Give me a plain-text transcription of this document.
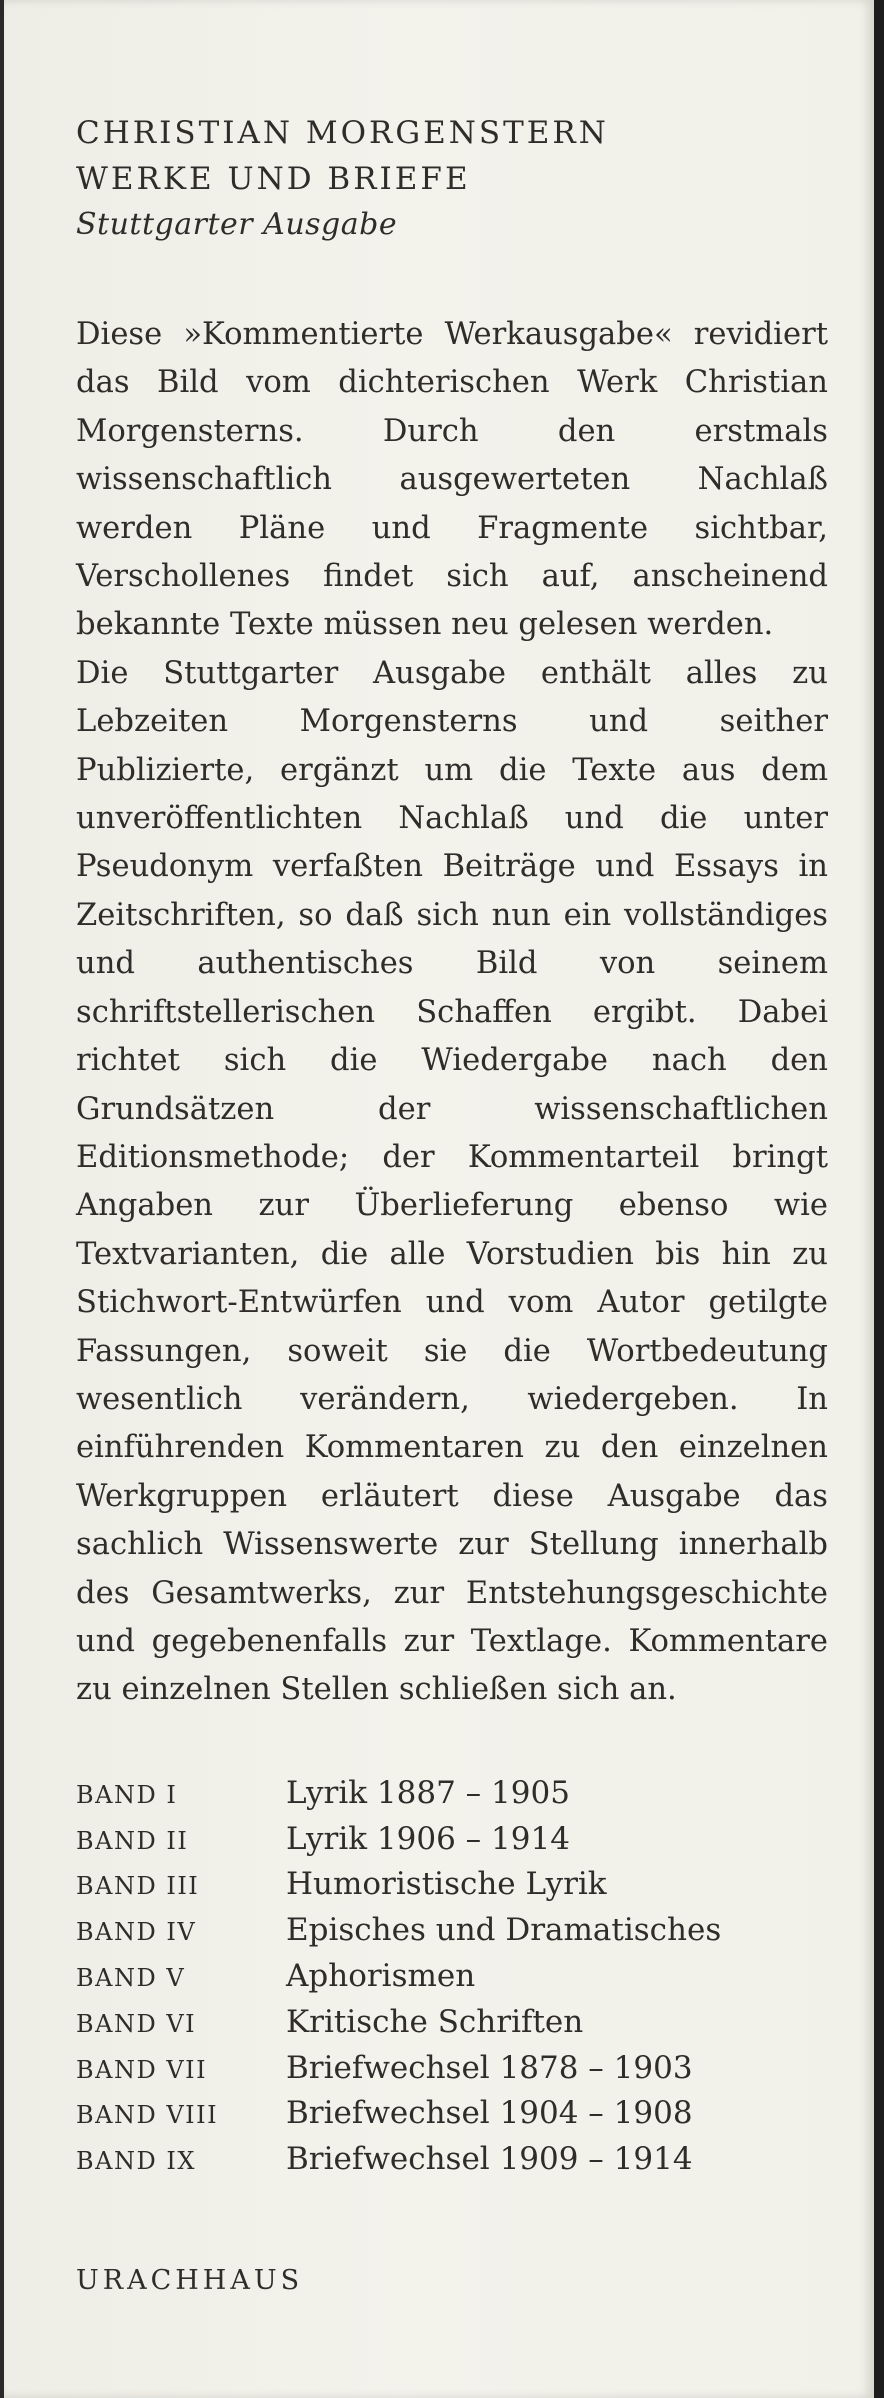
CHRISTIAN MORGENSTERN

WERKE UND BRIEFE

Stuttgarter Ausgabe

Diese »Kommentierte Werkausgabe« revidiert das Bild vom dichterischen Werk Christian Morgensterns. Durch den erstmals wissenschaftlich ausgewerteten Nachlaß werden Pläne und Fragmente sichtbar, Verschollenes findet sich auf, anscheinend bekannte Texte müssen neu gelesen werden.

Die Stuttgarter Ausgabe enthält alles zu Lebzeiten Morgensterns und seither Publizierte, ergänzt um die Texte aus dem unveröffentlichten Nachlaß und die unter Pseudonym verfaßten Beiträge und Essays in Zeitschriften, so daß sich nun ein vollständiges und authentisches Bild von seinem schriftstellerischen Schaffen ergibt. Dabei richtet sich die Wiedergabe nach den Grundsätzen der wissenschaftlichen Editionsmethode; der Kommentarteil bringt Angaben zur Überlieferung ebenso wie Textvarianten, die alle Vorstudien bis hin zu Stichwort-Entwürfen und vom Autor getilgte Fassungen, soweit sie die Wortbedeutung wesentlich verändern, wiedergeben. In einführenden Kommentaren zu den einzelnen Werkgruppen erläutert diese Ausgabe das sachlich Wissenswerte zur Stellung innerhalb des Gesamtwerks, zur Entstehungsgeschichte und gegebenenfalls zur Textlage. Kommentare zu einzelnen Stellen schließen sich an.

BAND I	Lyrik 1887 – 1905
BAND II	Lyrik 1906 – 1914
BAND III	Humoristische Lyrik
BAND IV	Episches und Dramatisches
BAND V	Aphorismen
BAND VI	Kritische Schriften
BAND VII	Briefwechsel 1878 – 1903
BAND VIII	Briefwechsel 1904 – 1908
BAND IX	Briefwechsel 1909 – 1914
URACHHAUS
